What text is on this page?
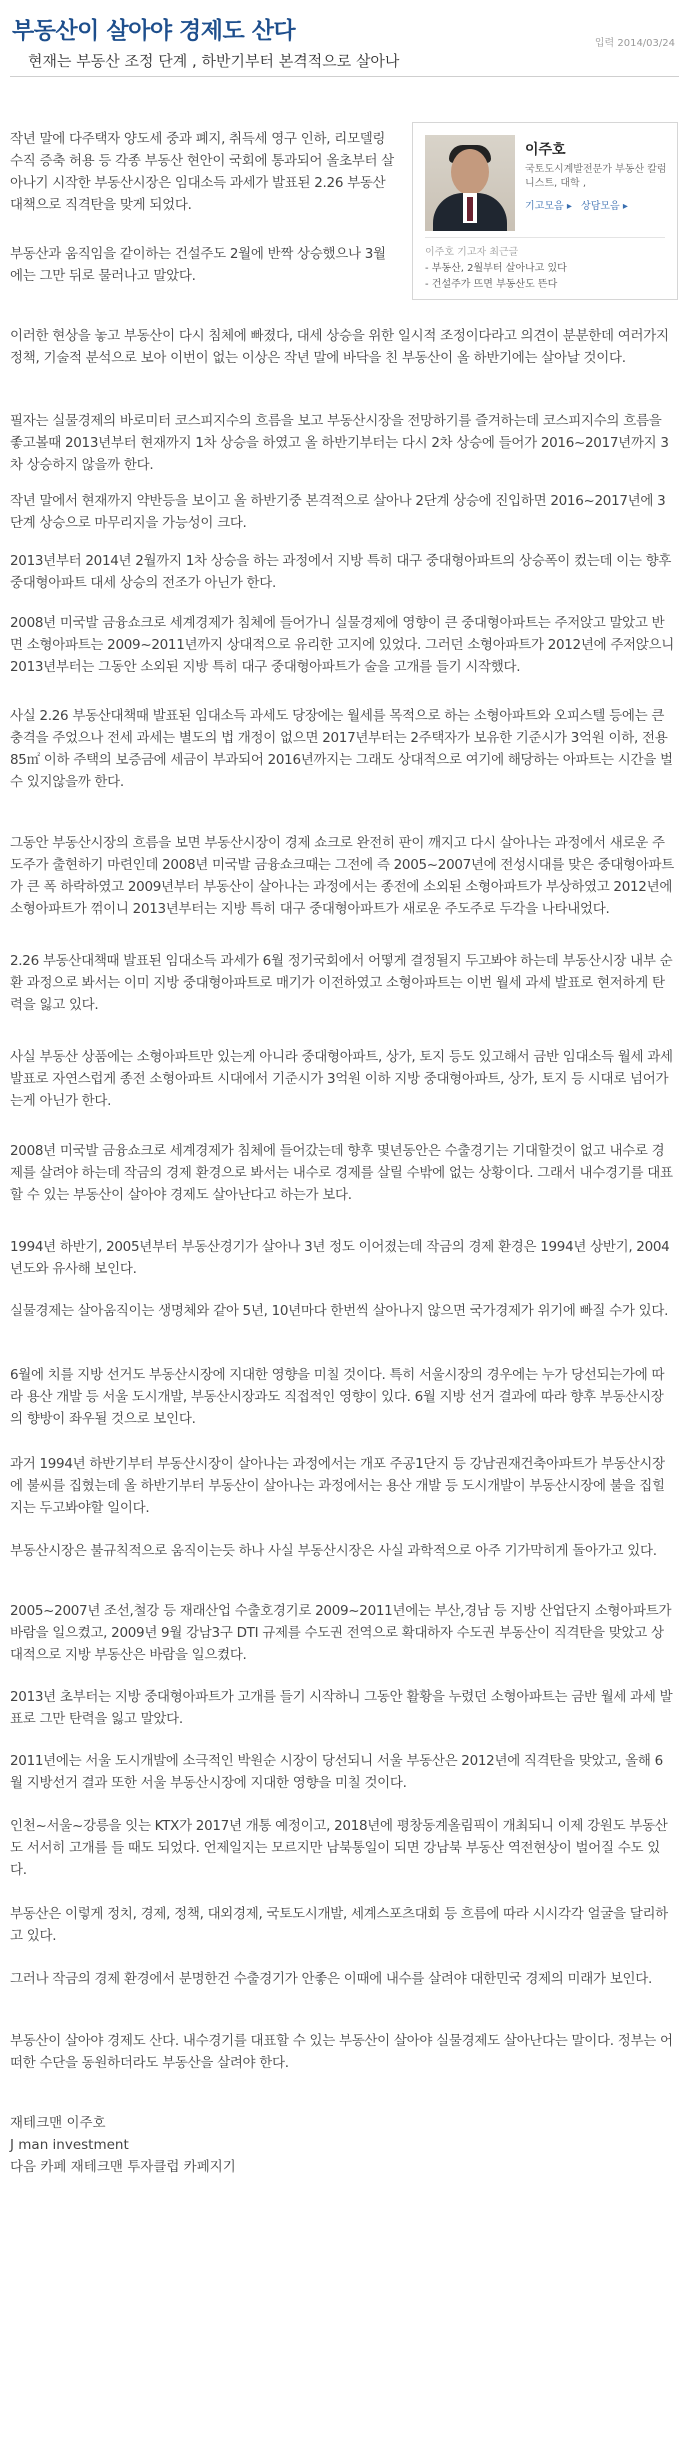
부동산이 살아야 경제도 산다	입력 2014/03/24

현재는 부동산 조정 단계 , 하반기부터 본격적으로 살아나

이주호
국토도시계발전문가 부동산 칼럼니스트, 대학 ,
기고모음 ▸ 상담모음 ▸
이주호 기고자 최근글
- 부동산, 2월부터 살아나고 있다
- 건설주가 뜨면 부동산도 뜬다

작년 말에 다주택자 양도세 중과 폐지, 취득세 영구 인하, 리모델링 수직 증축 허용 등 각종 부동산 현안이 국회에 통과되어 올초부터 살아나기 시작한 부동산시장은 임대소득 과세가 발표된 2.26 부동산대책으로 직격탄을 맞게 되었다.

부동산과 움직임을 같이하는 건설주도 2월에 반짝 상승했으나 3월에는 그만 뒤로 물러나고 말았다.

이러한 현상을 놓고 부동산이 다시 침체에 빠졌다, 대세 상승을 위한 일시적 조정이다라고 의견이 분분한데 여러가지 정책, 기술적 분석으로 보아 이번이 없는 이상은 작년 말에 바닥을 친 부동산이 올 하반기에는 살아날 것이다.

필자는 실물경제의 바로미터 코스피지수의 흐름을 보고 부동산시장을 전망하기를 즐겨하는데 코스피지수의 흐름을 좋고볼때 2013년부터 현재까지 1차 상승을 하였고 올 하반기부터는 다시 2차 상승에 들어가 2016~2017년까지 3차 상승하지 않을까 한다.

작년 말에서 현재까지 약반등을 보이고 올 하반기중 본격적으로 살아나 2단계 상승에 진입하면 2016~2017년에 3단계 상승으로 마무리지을 가능성이 크다.

2013년부터 2014년 2월까지 1차 상승을 하는 과정에서 지방 특히 대구 중대형아파트의 상승폭이 컸는데 이는 향후 중대형아파트 대세 상승의 전조가 아닌가 한다.

2008년 미국발 금융쇼크로 세계경제가 침체에 들어가니 실물경제에 영향이 큰 중대형아파트는 주저앉고 말았고 반면 소형아파트는 2009~2011년까지 상대적으로 유리한 고지에 있었다. 그러던 소형아파트가 2012년에 주저앉으니 2013년부터는 그동안 소외된 지방 특히 대구 중대형아파트가 술을 고개를 들기 시작했다.

사실 2.26 부동산대책때 발표된 임대소득 과세도 당장에는 월세를 목적으로 하는 소형아파트와 오피스텔 등에는 큰 충격을 주었으나 전세 과세는 별도의 법 개정이 없으면 2017년부터는 2주택자가 보유한 기준시가 3억원 이하, 전용 85㎡ 이하 주택의 보증금에 세금이 부과되어 2016년까지는 그래도 상대적으로 여기에 해당하는 아파트는 시간을 벌 수 있지않을까 한다.

그동안 부동산시장의 흐름을 보면 부동산시장이 경제 쇼크로 완전히 판이 깨지고 다시 살아나는 과정에서 새로운 주도주가 출현하기 마련인데 2008년 미국발 금융쇼크때는 그전에 즉 2005~2007년에 전성시대를 맞은 중대형아파트가 큰 폭 하락하였고 2009년부터 부동산이 살아나는 과정에서는 종전에 소외된 소형아파트가 부상하였고 2012년에 소형아파트가 꺾이니 2013년부터는 지방 특히 대구 중대형아파트가 새로운 주도주로 두각을 나타내었다.

2.26 부동산대책때 발표된 임대소득 과세가 6월 정기국회에서 어떻게 결정될지 두고봐야 하는데 부동산시장 내부 순환 과정으로 봐서는 이미 지방 중대형아파트로 매기가 이전하였고 소형아파트는 이번 월세 과세 발표로 현저하게 탄력을 잃고 있다.

사실 부동산 상품에는 소형아파트만 있는게 아니라 중대형아파트, 상가, 토지 등도 있고해서 금반 임대소득 월세 과세 발표로 자연스럽게 종전 소형아파트 시대에서 기준시가 3억원 이하 지방 중대형아파트, 상가, 토지 등 시대로 넘어가는게 아닌가 한다.

2008년 미국발 금융쇼크로 세계경제가 침체에 들어갔는데 향후 몇년동안은 수출경기는 기대할것이 없고 내수로 경제를 살려야 하는데 작금의 경제 환경으로 봐서는 내수로 경제를 살릴 수밖에 없는 상황이다. 그래서 내수경기를 대표할 수 있는 부동산이 살아야 경제도 살아난다고 하는가 보다.

1994년 하반기, 2005년부터 부동산경기가 살아나 3년 정도 이어졌는데 작금의 경제 환경은 1994년 상반기, 2004년도와 유사해 보인다.

실물경제는 살아움직이는 생명체와 같아 5년, 10년마다 한번씩 살아나지 않으면 국가경제가 위기에 빠질 수가 있다.

6월에 치를 지방 선거도 부동산시장에 지대한 영향을 미칠 것이다. 특히 서울시장의 경우에는 누가 당선되는가에 따라 용산 개발 등 서울 도시개발, 부동산시장과도 직접적인 영향이 있다. 6월 지방 선거 결과에 따라 향후 부동산시장의 향방이 좌우될 것으로 보인다.

과거 1994년 하반기부터 부동산시장이 살아나는 과정에서는 개포 주공1단지 등 강남권재건축아파트가 부동산시장에 불씨를 집혔는데 올 하반기부터 부동산이 살아나는 과정에서는 용산 개발 등 도시개발이 부동산시장에 불을 집힐지는 두고봐야할 일이다.

부동산시장은 불규칙적으로 움직이는듯 하나 사실 부동산시장은 사실 과학적으로 아주 기가막히게 돌아가고 있다.

2005~2007년 조선,철강 등 재래산업 수출호경기로 2009~2011년에는 부산,경남 등 지방 산업단지 소형아파트가 바람을 일으켰고, 2009년 9월 강남3구 DTI 규제를 수도권 전역으로 확대하자 수도권 부동산이 직격탄을 맞았고 상대적으로 지방 부동산은 바람을 일으켰다.

2013년 초부터는 지방 중대형아파트가 고개를 들기 시작하니 그동안 활황을 누렸던 소형아파트는 금반 월세 과세 발표로 그만 탄력을 잃고 말았다.

2011년에는 서울 도시개발에 소극적인 박원순 시장이 당선되니 서울 부동산은 2012년에 직격탄을 맞았고, 올해 6월 지방선거 결과 또한 서울 부동산시장에 지대한 영향을 미칠 것이다.

인천~서울~강릉을 잇는 KTX가 2017년 개통 예정이고, 2018년에 평창동계올림픽이 개최되니 이제 강원도 부동산도 서서히 고개를 들 때도 되었다. 언제일지는 모르지만 남북통일이 되면 강남북 부동산 역전현상이 벌어질 수도 있다.

부동산은 이렇게 정치, 경제, 정책, 대외경제, 국토도시개발, 세계스포츠대회 등 흐름에 따라 시시각각 얼굴을 달리하고 있다.

그러나 작금의 경제 환경에서 분명한건 수출경기가 안좋은 이때에 내수를 살려야 대한민국 경제의 미래가 보인다.

부동산이 살아야 경제도 산다. 내수경기를 대표할 수 있는 부동산이 살아야 실물경제도 살아난다는 말이다. 정부는 어떠한 수단을 동원하더라도 부동산을 살려야 한다.

재테크맨 이주호
J man investment
다음 카페 재테크맨 투자클럽 카페지기
